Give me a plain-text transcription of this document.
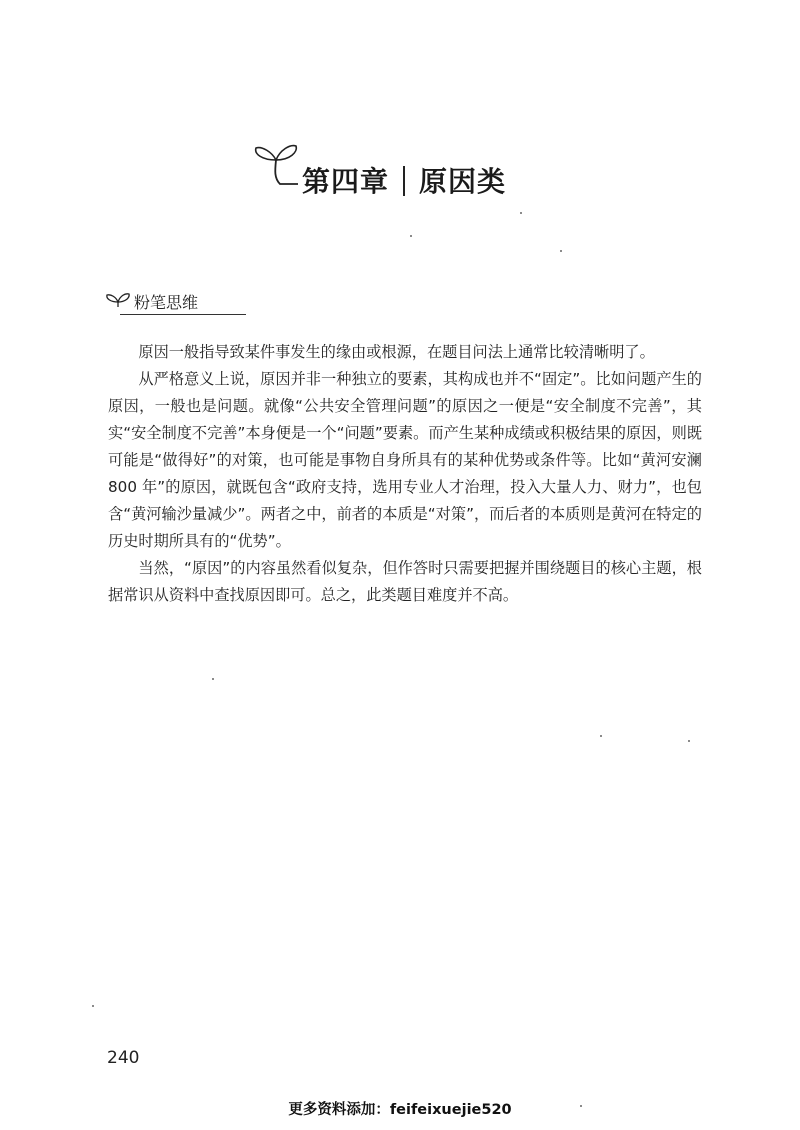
第四章 原因类
粉笔思维

原因一般指导致某件事发生的缘由或根源，在题目问法上通常比较清晰明了。

从严格意义上说，原因并非一种独立的要素，其构成也并不“固定”。比如问题产生的原因，一般也是问题。就像“公共安全管理问题”的原因之一便是“安全制度不完善”，其实“安全制度不完善”本身便是一个“问题”要素。而产生某种成绩或积极结果的原因，则既可能是“做得好”的对策，也可能是事物自身所具有的某种优势或条件等。比如“黄河安澜 800 年”的原因，就既包含“政府支持，选用专业人才治理，投入大量人力、财力”，也包含“黄河输沙量减少”。两者之中，前者的本质是“对策”，而后者的本质则是黄河在特定的历史时期所具有的“优势”。

当然，“原因”的内容虽然看似复杂，但作答时只需要把握并围绕题目的核心主题，根据常识从资料中查找原因即可。总之，此类题目难度并不高。

240
更多资料添加：feifeixuejie520
